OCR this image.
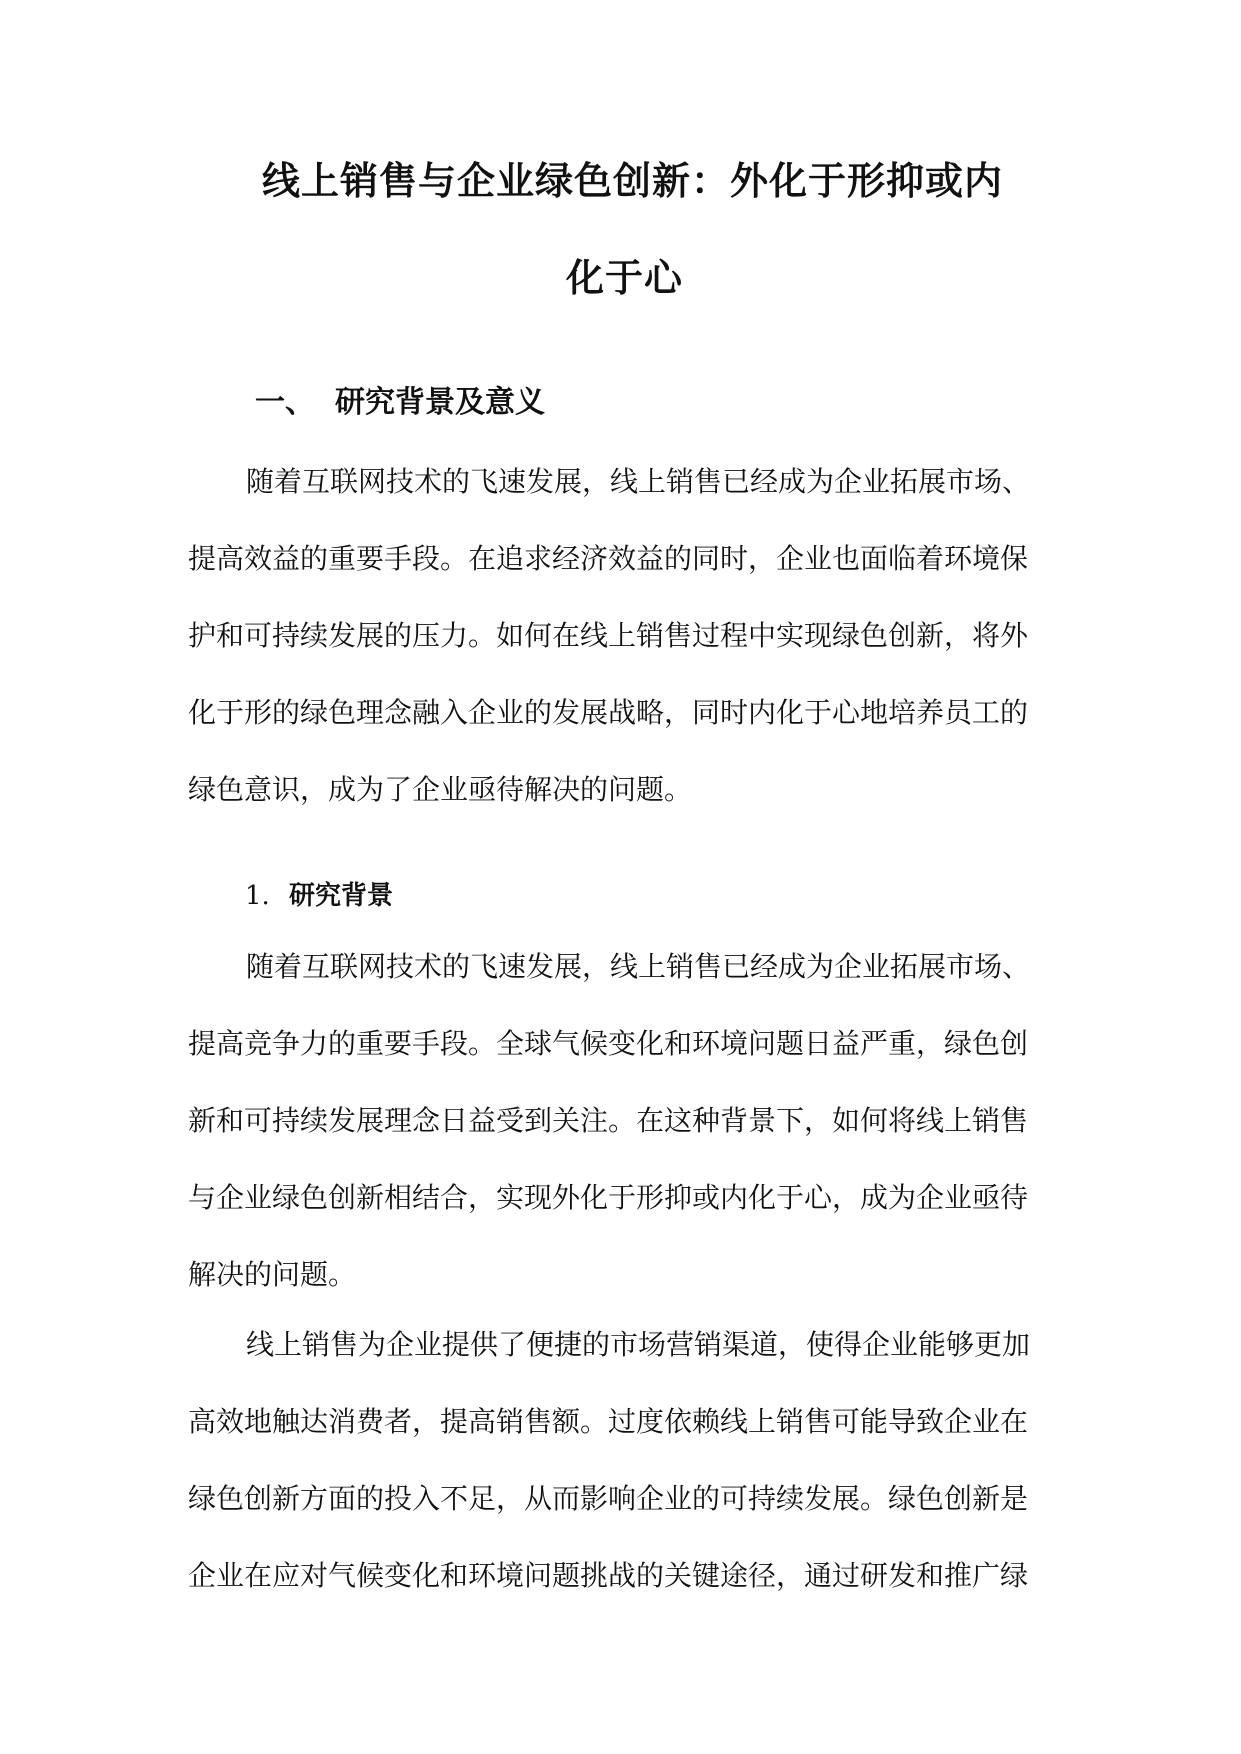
线上销售与企业绿色创新：外化于形抑或内
化于心
一、 研究背景及意义
随着互联网技术的飞速发展，线上销售已经成为企业拓展市场、
提高效益的重要手段。在追求经济效益的同时，企业也面临着环境保
护和可持续发展的压力。如何在线上销售过程中实现绿色创新，将外
化于形的绿色理念融入企业的发展战略，同时内化于心地培养员工的
绿色意识，成为了企业亟待解决的问题。
1. 研究背景
随着互联网技术的飞速发展，线上销售已经成为企业拓展市场、
提高竞争力的重要手段。全球气候变化和环境问题日益严重，绿色创
新和可持续发展理念日益受到关注。在这种背景下，如何将线上销售
与企业绿色创新相结合，实现外化于形抑或内化于心，成为企业亟待
解决的问题。
线上销售为企业提供了便捷的市场营销渠道，使得企业能够更加
高效地触达消费者，提高销售额。过度依赖线上销售可能导致企业在
绿色创新方面的投入不足，从而影响企业的可持续发展。绿色创新是
企业在应对气候变化和环境问题挑战的关键途径，通过研发和推广绿
